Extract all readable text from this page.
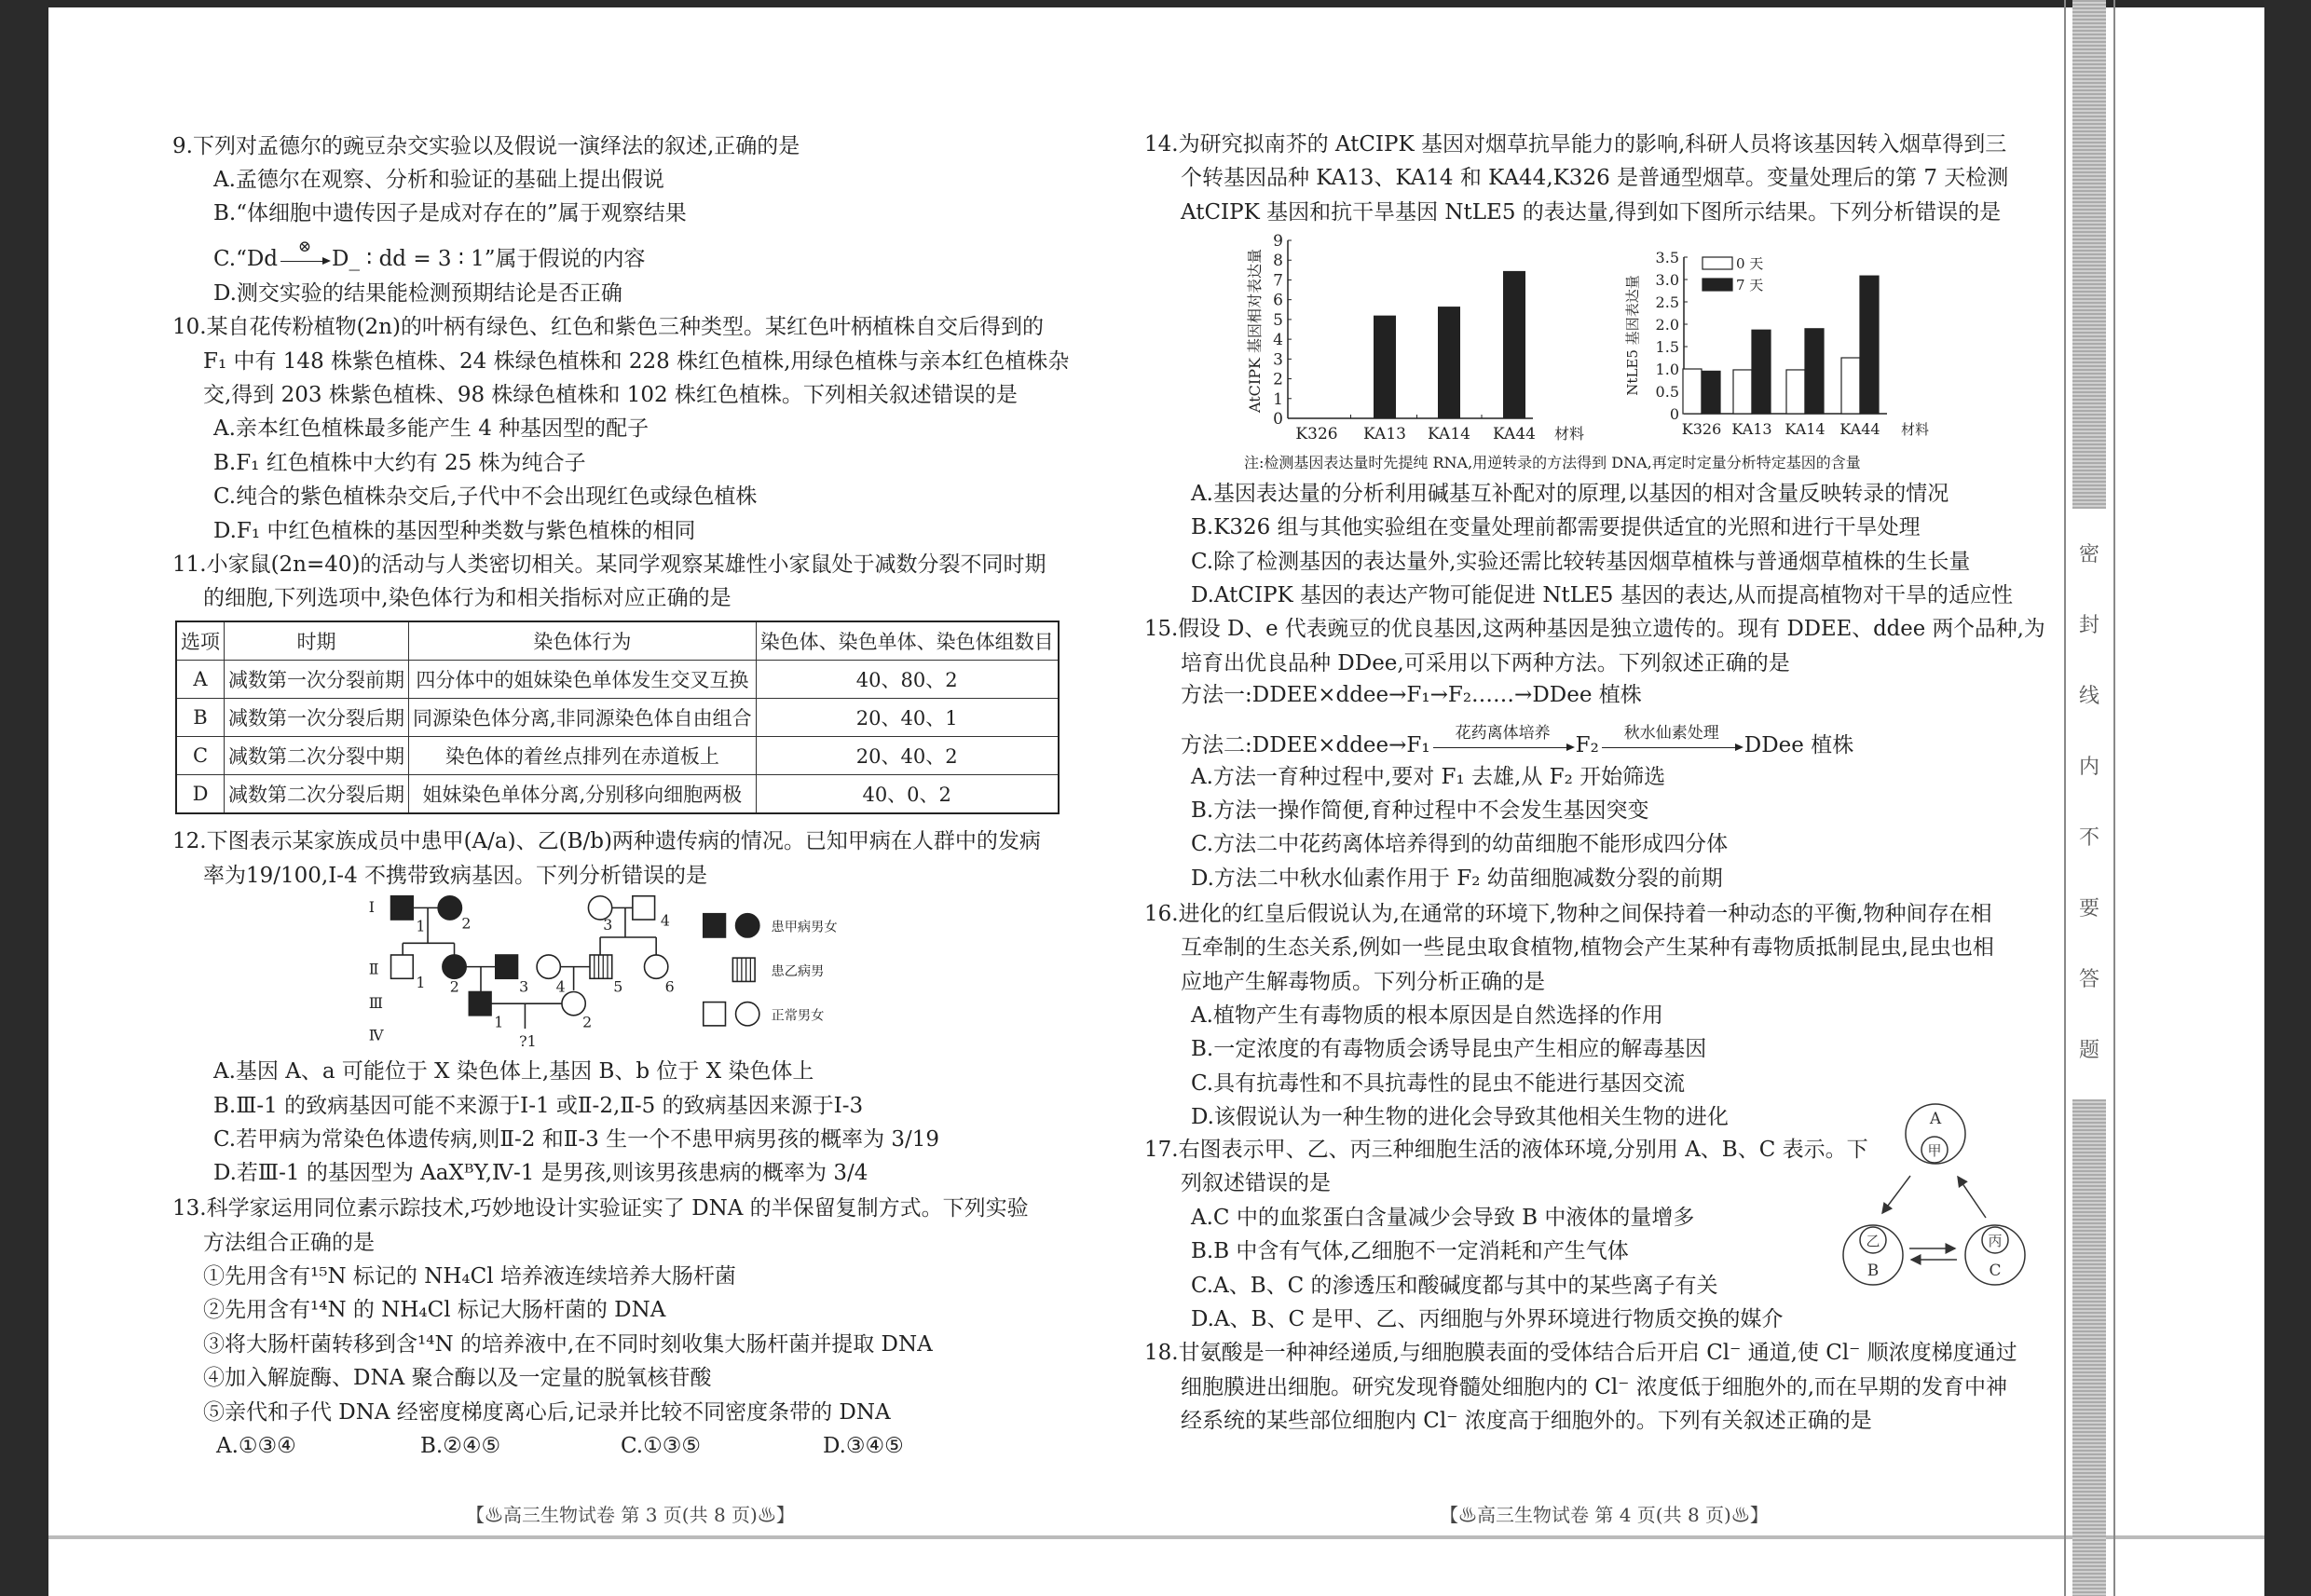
密
封
线
内
不
要
答
题
9.下列对孟德尔的豌豆杂交实验以及假说一演绎法的叙述,正确的是
A.孟德尔在观察、分析和验证的基础上提出假说
B.“体细胞中遗传因子是成对存在的”属于观察结果
D.测交实验的结果能检测预期结论是否正确
10.某自花传粉植物(2n)的叶柄有绿色、红色和紫色三种类型。某红色叶柄植株自交后得到的
F₁ 中有 148 株紫色植株、24 株绿色植株和 228 株红色植株,用绿色植株与亲本红色植株杂
交,得到 203 株紫色植株、98 株绿色植株和 102 株红色植株。下列相关叙述错误的是
A.亲本红色植株最多能产生 4 种基因型的配子
B.F₁ 红色植株中大约有 25 株为纯合子
C.纯合的紫色植株杂交后,子代中不会出现红色或绿色植株
D.F₁ 中红色植株的基因型种类数与紫色植株的相同
11.小家鼠(2n=40)的活动与人类密切相关。某同学观察某雄性小家鼠处于减数分裂不同时期
的细胞,下列选项中,染色体行为和相关指标对应正确的是
12.下图表示某家族成员中患甲(A/a)、乙(B/b)两种遗传病的情况。已知甲病在人群中的发病
率为19/100,Ⅰ-4 不携带致病基因。下列分析错误的是
A.基因 A、a 可能位于 X 染色体上,基因 B、b 位于 X 染色体上
B.Ⅲ-1 的致病基因可能不来源于Ⅰ-1 或Ⅱ-2,Ⅱ-5 的致病基因来源于Ⅰ-3
C.若甲病为常染色体遗传病,则Ⅱ-2 和Ⅱ-3 生一个不患甲病男孩的概率为 3/19
D.若Ⅲ-1 的基因型为 AaXᴮY,Ⅳ-1 是男孩,则该男孩患病的概率为 3/4
13.科学家运用同位素示踪技术,巧妙地设计实验证实了 DNA 的半保留复制方式。下列实验
方法组合正确的是
①先用含有¹⁵N 标记的 NH₄Cl 培养液连续培养大肠杆菌
②先用含有¹⁴N 的 NH₄Cl 标记大肠杆菌的 DNA
③将大肠杆菌转移到含¹⁴N 的培养液中,在不同时刻收集大肠杆菌并提取 DNA
④加入解旋酶、DNA 聚合酶以及一定量的脱氧核苷酸
⑤亲代和子代 DNA 经密度梯度离心后,记录并比较不同密度条带的 DNA
14.为研究拟南芥的 AtCIPK 基因对烟草抗旱能力的影响,科研人员将该基因转入烟草得到三
个转基因品种 KA13、KA14 和 KA44,K326 是普通型烟草。变量处理后的第 7 天检测
AtCIPK 基因和抗干旱基因 NtLE5 的表达量,得到如下图所示结果。下列分析错误的是
A.基因表达量的分析利用碱基互补配对的原理,以基因的相对含量反映转录的情况
B.K326 组与其他实验组在变量处理前都需要提供适宜的光照和进行干旱处理
C.除了检测基因的表达量外,实验还需比较转基因烟草植株与普通烟草植株的生长量
D.AtCIPK 基因的表达产物可能促进 NtLE5 基因的表达,从而提高植物对干旱的适应性
15.假设 D、e 代表豌豆的优良基因,这两种基因是独立遗传的。现有 DDEE、ddee 两个品种,为
培育出优良品种 DDee,可采用以下两种方法。下列叙述正确的是
A.方法一育种过程中,要对 F₁ 去雄,从 F₂ 开始筛选
B.方法一操作简便,育种过程中不会发生基因突变
C.方法二中花药离体培养得到的幼苗细胞不能形成四分体
D.方法二中秋水仙素作用于 F₂ 幼苗细胞减数分裂的前期
16.进化的红皇后假说认为,在通常的环境下,物种之间保持着一种动态的平衡,物种间存在相
互牵制的生态关系,例如一些昆虫取食植物,植物会产生某种有毒物质抵制昆虫,昆虫也相
应地产生解毒物质。下列分析正确的是
A.植物产生有毒物质的根本原因是自然选择的作用
B.一定浓度的有毒物质会诱导昆虫产生相应的解毒基因
C.具有抗毒性和不具抗毒性的昆虫不能进行基因交流
D.该假说认为一种生物的进化会导致其他相关生物的进化
17.右图表示甲、乙、丙三种细胞生活的液体环境,分别用 A、B、C 表示。下
列叙述错误的是
A.C 中的血浆蛋白含量减少会导致 B 中液体的量增多
B.B 中含有气体,乙细胞不一定消耗和产生气体
C.A、B、C 的渗透压和酸碱度都与其中的某些离子有关
D.A、B、C 是甲、乙、丙细胞与外界环境进行物质交换的媒介
18.甘氨酸是一种神经递质,与细胞膜表面的受体结合后开启 Cl⁻ 通道,使 Cl⁻ 顺浓度梯度通过
细胞膜进出细胞。研究发现脊髓处细胞内的 Cl⁻ 浓度低于细胞外的,而在早期的发育中神
经系统的某些部位细胞内 Cl⁻ 浓度高于细胞外的。下列有关叙述正确的是
C.“Dd	⊗ D_ ∶ dd = 3 ∶ 1”属于假说的内容
选项	时期	染色体行为	染色体、染色单体、染色体组数目
A	减数第一次分裂前期	四分体中的姐妹染色单体发生交叉互换	40、80、2
B	减数第一次分裂后期	同源染色体分离,非同源染色体自由组合	20、40、1
C	减数第二次分裂中期	染色体的着丝点排列在赤道板上	20、40、2
D	减数第二次分裂后期	姐妹染色单体分离,分别移向细胞两极	40、0、2
Ⅰ
Ⅱ
Ⅲ
Ⅳ
1	2	3	4
1	2	3	4	5	6
1	2
?1
患甲病男女
患乙病男
正常男女
A.①③④	B.②④⑤	C.①③⑤	D.③④⑤
0
1
2
3
4
5
6
7
8
9
K326 KA13 KA14 KA44 材料
AtCIPK 基因相对表达量
0
0.5
1.0
1.5
2.0
2.5
3.0
3.5
K326 KA13 KA14 KA44 材料
NtLE5 基因表达量
0 天
7 天
注:检测基因表达量时先提纯 RNA,用逆转录的方法得到 DNA,再定时定量分析特定基因的含量
方法一:DDEE×ddee→F₁→F₂……→DDee 植株
方法二:DDEE×ddee→F₁	花药离体培养	F₂	秋水仙素处理	DDee 植株
A
甲
乙
B
丙
C
【♨高三生物试卷 第 3 页(共 8 页)♨】	【♨高三生物试卷 第 4 页(共 8 页)♨】
